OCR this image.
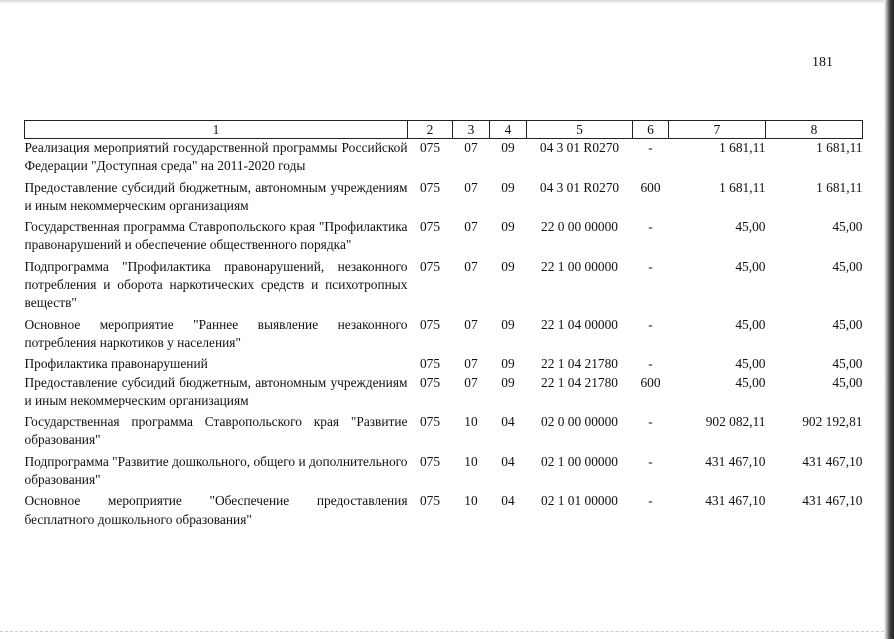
181
1	2	3	4	5	6	7	8
Реализация мероприятий государственной программы Российской Федерации "Доступная среда" на 2011-2020 годы	075	07	09	04 3 01 R0270	-	1 681,11	1 681,11
Предоставление субсидий бюджетным, автономным учреждениям и иным некоммерческим организациям	075	07	09	04 3 01 R0270	600	1 681,11	1 681,11
Государственная программа Ставропольского края "Профилактика правонарушений и обеспечение общественного порядка"	075	07	09	22 0 00 00000	-	45,00	45,00
Подпрограмма "Профилактика правонарушений, незаконного потребления и оборота наркотических средств и психотропных веществ"	075	07	09	22 1 00 00000	-	45,00	45,00
Основное мероприятие "Раннее выявление незаконного потребления наркотиков у населения"	075	07	09	22 1 04 00000	-	45,00	45,00
Профилактика правонарушений	075	07	09	22 1 04 21780	-	45,00	45,00
Предоставление субсидий бюджетным, автономным учреждениям и иным некоммерческим организациям	075	07	09	22 1 04 21780	600	45,00	45,00
Государственная программа Ставропольского края "Развитие образования"	075	10	04	02 0 00 00000	-	902 082,11	902 192,81
Подпрограмма "Развитие дошкольного, общего и дополнительного образования"	075	10	04	02 1 00 00000	-	431 467,10	431 467,10
Основное мероприятие "Обеспечение предоставления бесплатного дошкольного образования"	075	10	04	02 1 01 00000	-	431 467,10	431 467,10
